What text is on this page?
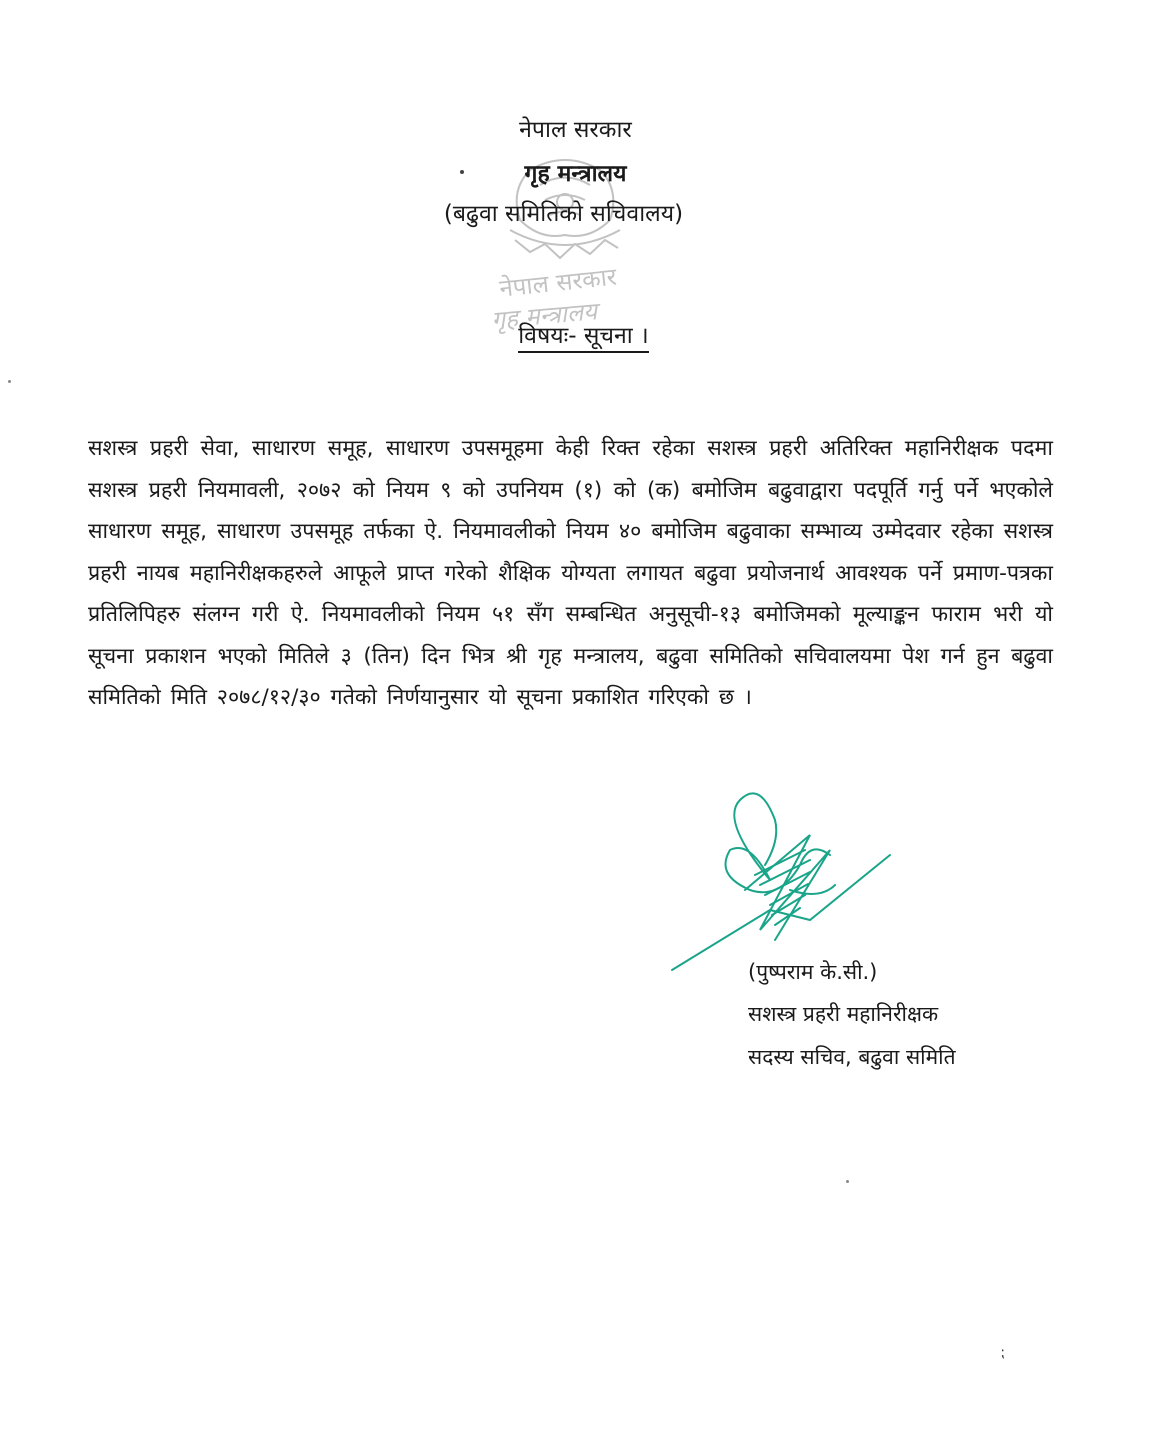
नेपाल सरकार
गृह मन्त्रालय
नेपाल सरकार
गृह मन्त्रालय
(बढुवा समितिको सचिवालय)
विषयः- सूचना ।
सशस्त्र प्रहरी सेवा, साधारण समूह, साधारण उपसमूहमा केही रिक्त रहेका सशस्त्र प्रहरी अतिरिक्त महानिरीक्षक पदमा सशस्त्र प्रहरी नियमावली, २०७२ को नियम ९ को उपनियम (१) को (क) बमोजिम बढुवाद्वारा पदपूर्ति गर्नु पर्ने भएकोले साधारण समूह, साधारण उपसमूह तर्फका ऐ. नियमावलीको नियम ४० बमोजिम बढुवाका सम्भाव्य उम्मेदवार रहेका सशस्त्र प्रहरी नायब महानिरीक्षकहरुले आफूले प्राप्त गरेको शैक्षिक योग्यता लगायत बढुवा प्रयोजनार्थ आवश्यक पर्ने प्रमाण-पत्रका प्रतिलिपिहरु संलग्न गरी ऐ. नियमावलीको नियम ५१ सँग सम्बन्धित अनुसूची-१३ बमोजिमको मूल्याङ्कन फाराम भरी यो सूचना प्रकाशन भएको मितिले ३ (तिन) दिन भित्र श्री गृह मन्त्रालय, बढुवा समितिको सचिवालयमा पेश गर्न हुन बढुवा समितिको मिति २०७८/१२/३० गतेको निर्णयानुसार यो सूचना प्रकाशित गरिएको छ ।
(पुष्पराम के.सी.)
सशस्त्र प्रहरी महानिरीक्षक
सदस्य सचिव, बढुवा समिति
⁏
